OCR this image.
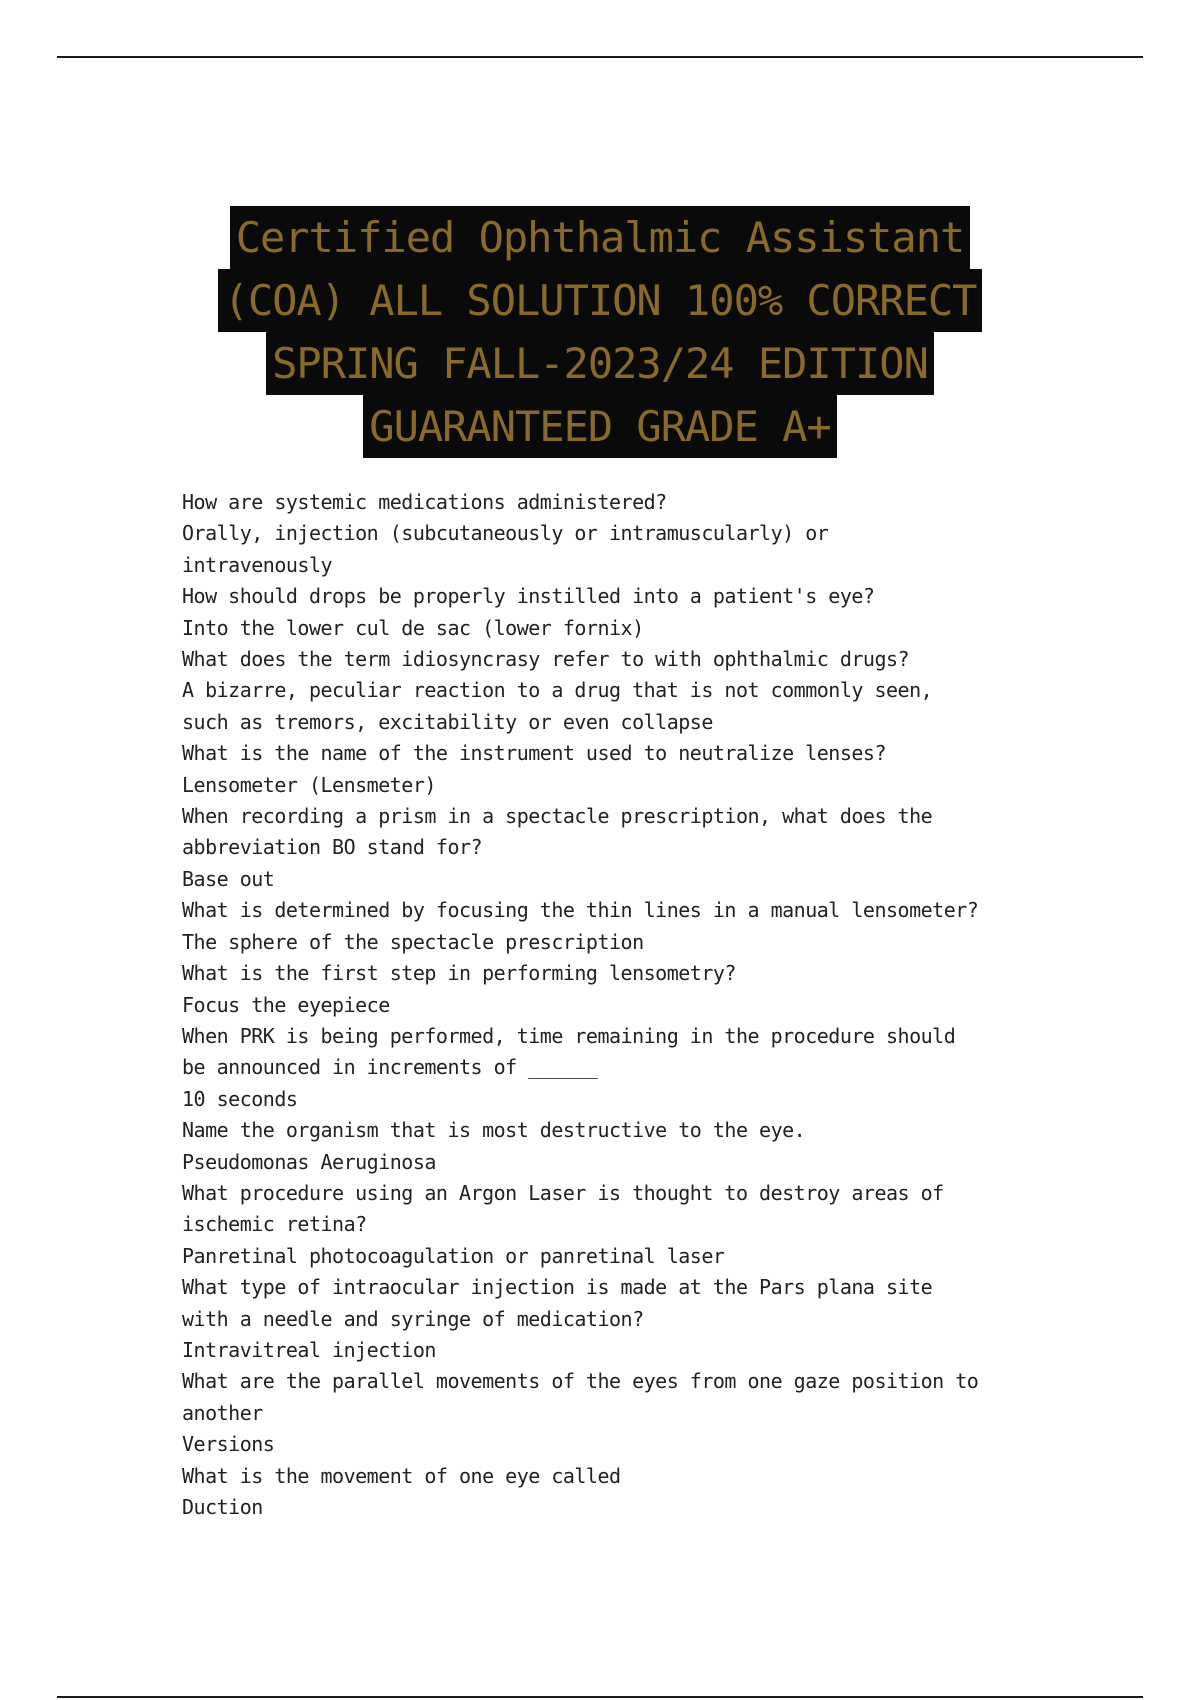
Certified Ophthalmic Assistant
(COA) ALL SOLUTION 100% CORRECT
SPRING FALL-2023/24 EDITION
GUARANTEED GRADE A+
How are systemic medications administered?
Orally, injection (subcutaneously or intramuscularly) or
intravenously
How should drops be properly instilled into a patient's eye?
Into the lower cul de sac (lower fornix)
What does the term idiosyncrasy refer to with ophthalmic drugs?
A bizarre, peculiar reaction to a drug that is not commonly seen,
such as tremors, excitability or even collapse
What is the name of the instrument used to neutralize lenses?
Lensometer (Lensmeter)
When recording a prism in a spectacle prescription, what does the
abbreviation BO stand for?
Base out
What is determined by focusing the thin lines in a manual lensometer?
The sphere of the spectacle prescription
What is the first step in performing lensometry?
Focus the eyepiece
When PRK is being performed, time remaining in the procedure should
be announced in increments of ______
10 seconds
Name the organism that is most destructive to the eye.
Pseudomonas Aeruginosa
What procedure using an Argon Laser is thought to destroy areas of
ischemic retina?
Panretinal photocoagulation or panretinal laser
What type of intraocular injection is made at the Pars plana site
with a needle and syringe of medication?
Intravitreal injection
What are the parallel movements of the eyes from one gaze position to
another
Versions
What is the movement of one eye called
Duction
